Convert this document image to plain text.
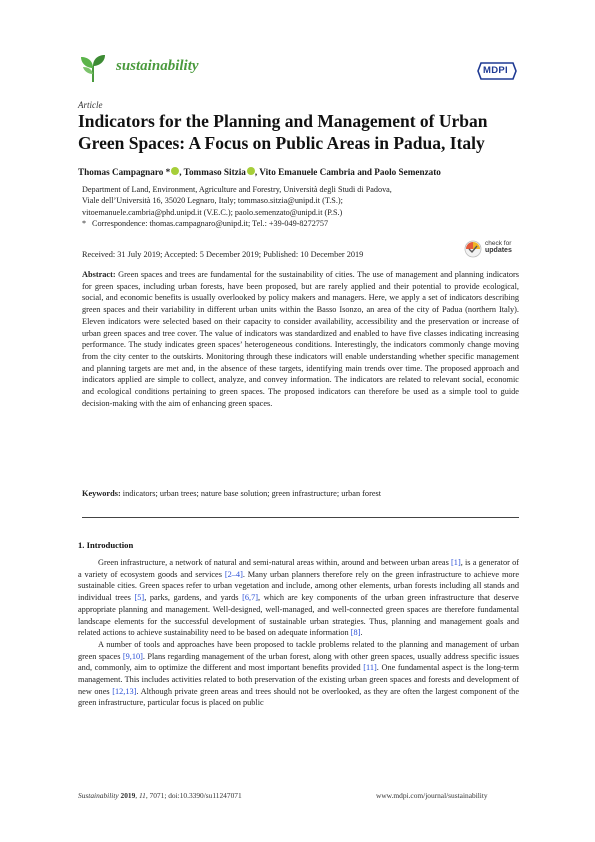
sustainability	MDPI
Article
Indicators for the Planning and Management of Urban Green Spaces: A Focus on Public Areas in Padua, Italy
Thomas Campagnaro * , Tommaso Sitzia , Vito Emanuele Cambria and Paolo Semenzato
Department of Land, Environment, Agriculture and Forestry, Università degli Studi di Padova,
Viale dell’Università 16, 35020 Legnaro, Italy; tommaso.sitzia@unipd.it (T.S.);
vitoemanuele.cambria@phd.unipd.it (V.E.C.); paolo.semenzato@unipd.it (P.S.)
* Correspondence: thomas.campagnaro@unipd.it; Tel.: +39-049-8272757
Received: 31 July 2019; Accepted: 5 December 2019; Published: 10 December 2019
check for
updates
Abstract: Green spaces and trees are fundamental for the sustainability of cities. The use of management and planning indicators for green spaces, including urban forests, have been proposed, but are rarely applied and their potential to provide ecological, social, and economic benefits is usually overlooked by policy makers and managers. Here, we apply a set of indicators describing green spaces and their variability in different urban units within the Basso Isonzo, an area of the city of Padua (northern Italy). Eleven indicators were selected based on their capacity to consider availability, accessibility and the preservation or increase of urban green spaces and tree cover. The value of indicators was standardized and enabled to have five classes indicating increasing performance. The study indicates green spaces’ heterogeneous conditions. Interestingly, the indicators commonly change moving from the city center to the outskirts. Monitoring through these indicators will enable understanding whether specific management and planning targets are met and, in the absence of these targets, identifying main trends over time. The proposed approach and indicators applied are simple to collect, analyze, and convey information. The indicators are related to relevant social, economic and ecological conditions pertaining to green spaces. The proposed indicators can therefore be used as a simple tool to guide decision-making with the aim of enhancing green spaces.
Keywords: indicators; urban trees; nature base solution; green infrastructure; urban forest
1. Introduction

Green infrastructure, a network of natural and semi-natural areas within, around and between urban areas [1], is a generator of a variety of ecosystem goods and services [2–4]. Many urban planners therefore rely on the green infrastructure to achieve more sustainable cities. Green spaces refer to urban vegetation and include, among other elements, urban forests including all stands and individual trees [5], parks, gardens, and yards [6,7], which are key components of the urban green infrastructure that deserve appropriate planning and management. Well-designed, well-managed, and well-connected green spaces are therefore fundamental landscape elements for the successful development of sustainable urban strategies. Thus, planning and management goals and related actions to achieve sustainability need to be based on adequate information [8].

A number of tools and approaches have been proposed to tackle problems related to the planning and management of urban green spaces [9,10]. Plans regarding management of the urban forest, along with other green spaces, usually address specific issues and, commonly, aim to optimize the different and most important benefits provided [11]. One fundamental aspect is the long-term management. This includes activities related to both preservation of the existing urban green spaces and forests and development of new ones [12,13]. Although private green areas and trees should not be overlooked, as they are often the largest component of the green infrastructure, particular focus is placed on public

Sustainability 2019, 11, 7071; doi:10.3390/su11247071	www.mdpi.com/journal/sustainability
